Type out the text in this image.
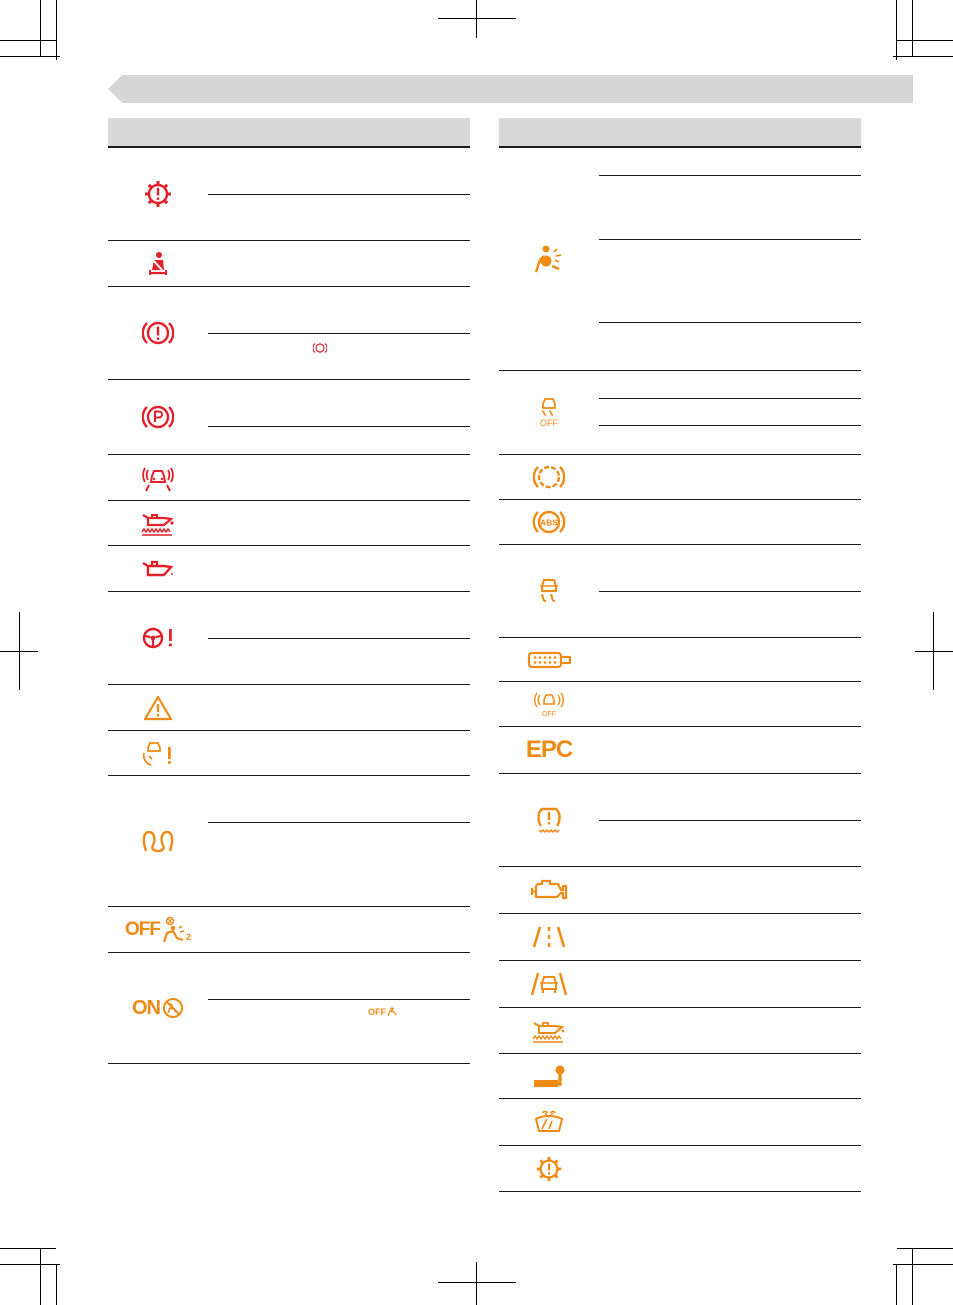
OFF	2
ON	OFF
OFF
ABS
OFF
EPC
